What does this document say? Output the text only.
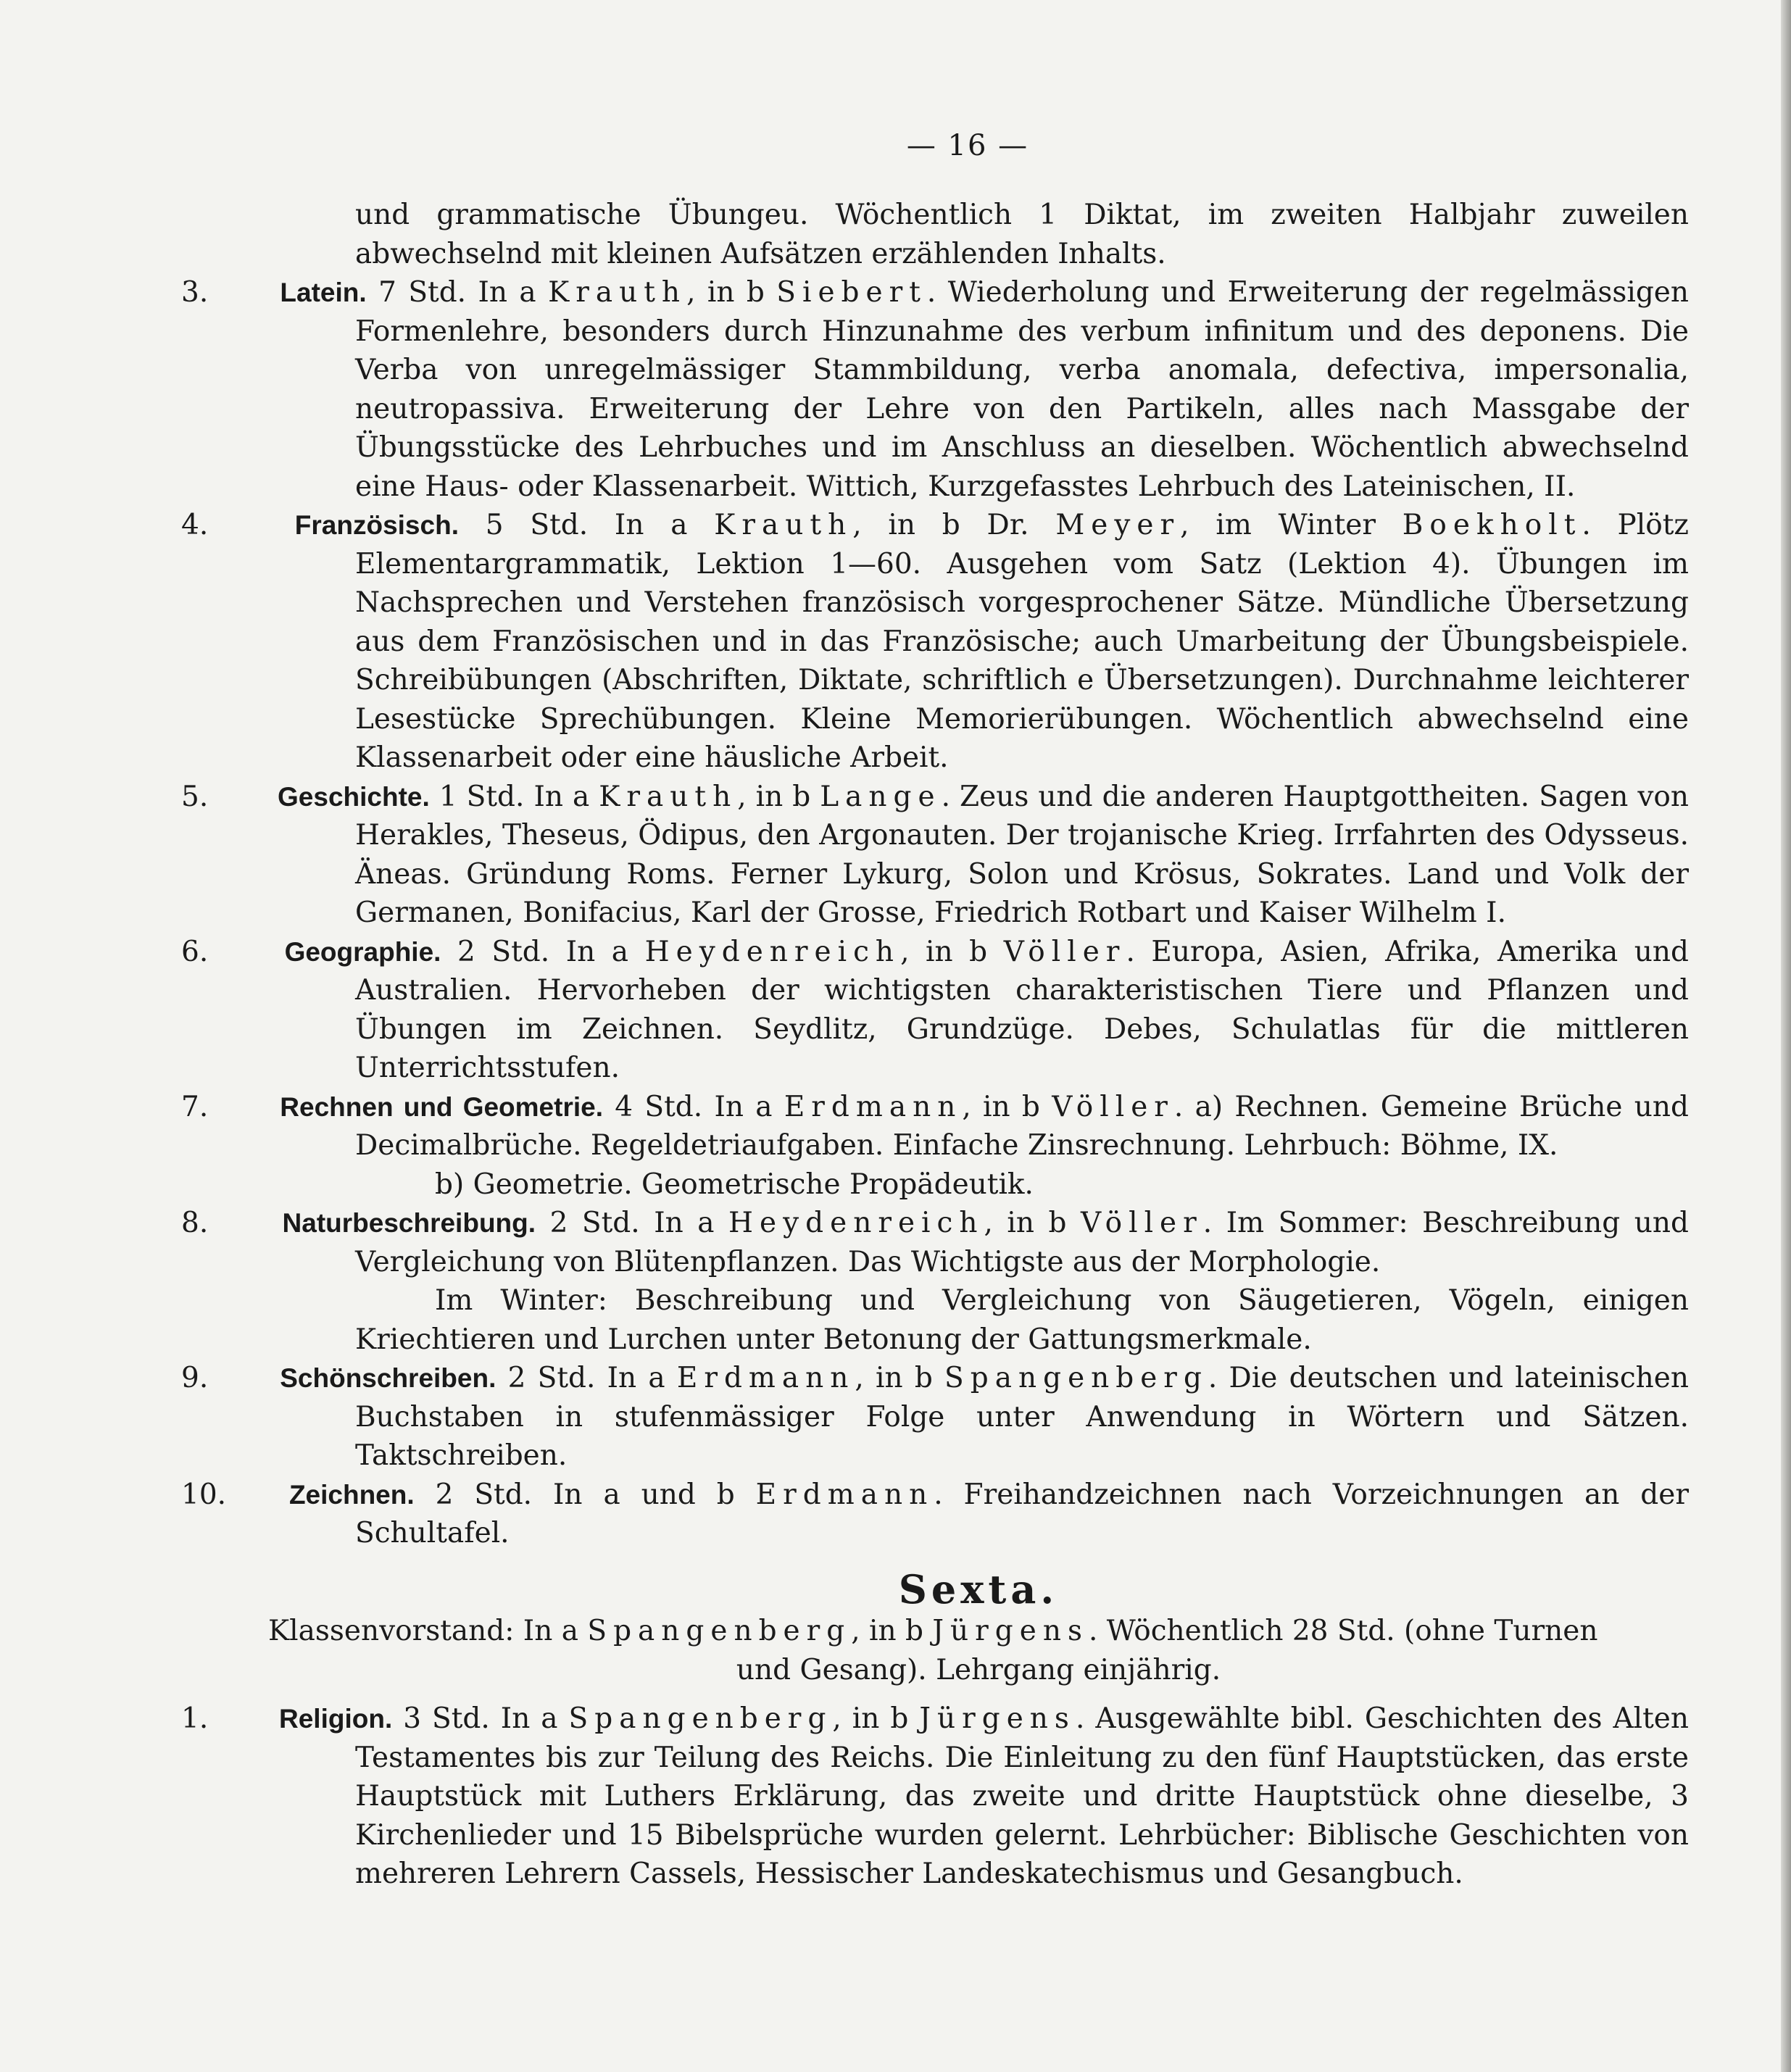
— 16 —

und grammatische Übungeu. Wöchentlich 1 Diktat, im zweiten Halbjahr zuweilen abwechselnd mit kleinen Aufsätzen erzählenden Inhalts.

3.	Latein. 7 Std. In a Krauth, in b Siebert. Wiederholung und Erweiterung der regelmässigen Formenlehre, besonders durch Hinzunahme des verbum infinitum und des deponens. Die Verba von unregelmässiger Stammbildung, verba anomala, defectiva, impersonalia, neutropassiva. Erweiterung der Lehre von den Partikeln, alles nach Massgabe der Übungsstücke des Lehrbuches und im Anschluss an dieselben. Wöchentlich abwechselnd eine Haus- oder Klassenarbeit. Wittich, Kurzgefasstes Lehrbuch des Lateinischen, II.

4.	Französisch. 5 Std. In a Krauth, in b Dr. Meyer, im Winter Boekholt. Plötz Elementargrammatik, Lektion 1—60. Ausgehen vom Satz (Lektion 4). Übungen im Nachsprechen und Verstehen französisch vorgesprochener Sätze. Mündliche Übersetzung aus dem Französischen und in das Französische; auch Umarbeitung der Übungsbeispiele. Schreibübungen (Abschriften, Diktate, schriftlich e Übersetzungen). Durchnahme leichterer Lesestücke Sprechübungen. Kleine Memorierübungen. Wöchentlich abwechselnd eine Klassenarbeit oder eine häusliche Arbeit.

5.	Geschichte. 1 Std. In a Krauth, in b Lange. Zeus und die anderen Hauptgottheiten. Sagen von Herakles, Theseus, Ödipus, den Argonauten. Der trojanische Krieg. Irrfahrten des Odysseus. Äneas. Gründung Roms. Ferner Lykurg, Solon und Krösus, Sokrates. Land und Volk der Germanen, Bonifacius, Karl der Grosse, Friedrich Rotbart und Kaiser Wilhelm I.

6.	Geographie. 2 Std. In a Heydenreich, in b Völler. Europa, Asien, Afrika, Amerika und Australien. Hervorheben der wichtigsten charakteristischen Tiere und Pflanzen und Übungen im Zeichnen. Seydlitz, Grundzüge. Debes, Schulatlas für die mittleren Unterrichtsstufen.

7.	Rechnen und Geometrie. 4 Std. In a Erdmann, in b Völler. a) Rechnen. Gemeine Brüche und Decimalbrüche. Regeldetriaufgaben. Einfache Zinsrechnung. Lehrbuch: Böhme, IX.

b) Geometrie. Geometrische Propädeutik.

8.	Naturbeschreibung. 2 Std. In a Heydenreich, in b Völler. Im Sommer: Beschreibung und Vergleichung von Blütenpflanzen. Das Wichtigste aus der Morphologie.

Im Winter: Beschreibung und Vergleichung von Säugetieren, Vögeln, einigen Kriechtieren und Lurchen unter Betonung der Gattungsmerkmale.

9.	Schönschreiben. 2 Std. In a Erdmann, in b Spangenberg. Die deutschen und lateinischen Buchstaben in stufenmässiger Folge unter Anwendung in Wörtern und Sätzen. Taktschreiben.

10. Zeichnen. 2 Std. In a und b Erdmann. Freihandzeichnen nach Vorzeichnungen an der Schultafel.

Sexta.

Klassenvorstand: In a Spangenberg, in b Jürgens. Wöchentlich 28 Std. (ohne Turnen

und Gesang). Lehrgang einjährig.

1.	Religion. 3 Std. In a Spangenberg, in b Jürgens. Ausgewählte bibl. Geschichten des Alten Testamentes bis zur Teilung des Reichs. Die Einleitung zu den fünf Hauptstücken, das erste Hauptstück mit Luthers Erklärung, das zweite und dritte Hauptstück ohne dieselbe, 3 Kirchenlieder und 15 Bibelsprüche wurden gelernt. Lehrbücher: Biblische Geschichten von mehreren Lehrern Cassels, Hessischer Landeskatechismus und Gesangbuch.
